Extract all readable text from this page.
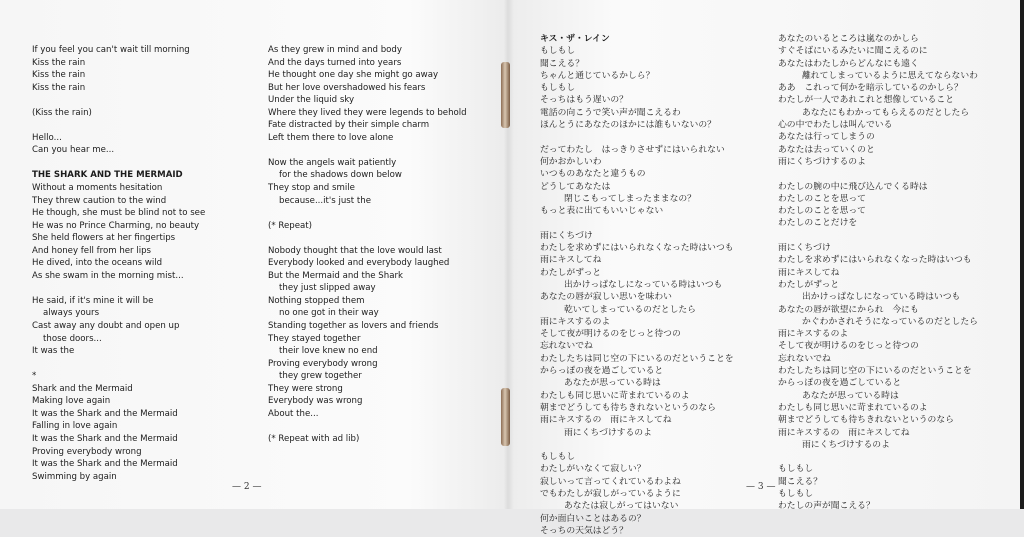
If you feel you can't wait till morning
Kiss the rain
Kiss the rain
Kiss the rain
(Kiss the rain)
Hello...
Can you hear me...
THE SHARK AND THE MERMAID
Without a moments hesitation
They threw caution to the wind
He though, she must be blind not to see
He was no Prince Charming, no beauty
She held flowers at her fingertips
And honey fell from her lips
He dived, into the oceans wild
As she swam in the morning mist...
He said, if it's mine it will be
always yours
Cast away any doubt and open up
those doors...
It was the
*
Shark and the Mermaid
Making love again
It was the Shark and the Mermaid
Falling in love again
It was the Shark and the Mermaid
Proving everybody wrong
It was the Shark and the Mermaid
Swimming by again
As they grew in mind and body
And the days turned into years
He thought one day she might go away
But her love overshadowed his fears
Under the liquid sky
Where they lived they were legends to behold
Fate distracted by their simple charm
Left them there to love alone
Now the angels wait patiently
for the shadows down below
They stop and smile
because...it's just the
(* Repeat)
Nobody thought that the love would last
Everybody looked and everybody laughed
But the Mermaid and the Shark
they just slipped away
Nothing stopped them
no one got in their way
Standing together as lovers and friends
They stayed together
their love knew no end
Proving everybody wrong
they grew together
They were strong
Everybody was wrong
About the...
(* Repeat with ad lib)
— 2 —
キス・ザ・レイン
もしもし
聞こえる？
ちゃんと通じているかしら？
もしもし
そっちはもう遅いの？
電話の向こうで笑い声が聞こえるわ
ほんとうにあなたのほかには誰もいないの？
だってわたし　はっきりさせずにはいられない
何かおかしいわ
いつものあなたと違うもの
どうしてあなたは
閉じこもってしまったままなの？
もっと表に出てもいいじゃない
雨にくちづけ
わたしを求めずにはいられなくなった時はいつも
雨にキスしてね
わたしがずっと
出かけっぱなしになっている時はいつも
あなたの唇が寂しい思いを味わい
乾いてしまっているのだとしたら
雨にキスするのよ
そして夜が明けるのをじっと待つの
忘れないでね
わたしたちは同じ空の下にいるのだということを
からっぽの夜を過ごしていると
あなたが思っている時は
わたしも同じ思いに苛まれているのよ
朝までどうしても待ちきれないというのなら
雨にキスするの　雨にキスしてね
雨にくちづけするのよ
もしもし
わたしがいなくて寂しい？
寂しいって言ってくれているわよね
でもわたしが寂しがっているように
あなたは寂しがってはいない
何か面白いことはあるの？
そっちの天気はどう？
あなたのいるところは嵐なのかしら
すぐそばにいるみたいに聞こえるのに
あなたはわたしからどんなにも遠く
離れてしまっているように思えてならないわ
ああ　これって何かを暗示しているのかしら？
わたしが一人であれこれと想像していること
あなたにもわかってもらえるのだとしたら
心の中でわたしは叫んでいる
あなたは行ってしまうの
あなたは去っていくのと
雨にくちづけするのよ
わたしの腕の中に飛び込んでくる時は
わたしのことを思って
わたしのことを思って
わたしのことだけを
雨にくちづけ
わたしを求めずにはいられなくなった時はいつも
雨にキスしてね
わたしがずっと
出かけっぱなしになっている時はいつも
あなたの唇が欲望にかられ　今にも
かぐわかされそうになっているのだとしたら
雨にキスするのよ
そして夜が明けるのをじっと待つの
忘れないでね
わたしたちは同じ空の下にいるのだということを
からっぽの夜を過ごしていると
あなたが思っている時は
わたしも同じ思いに苛まれているのよ
朝までどうしても待ちきれないというのなら
雨にキスするの　雨にキスしてね
雨にくちづけするのよ
もしもし
聞こえる？
もしもし
わたしの声が聞こえる？
— 3 —
